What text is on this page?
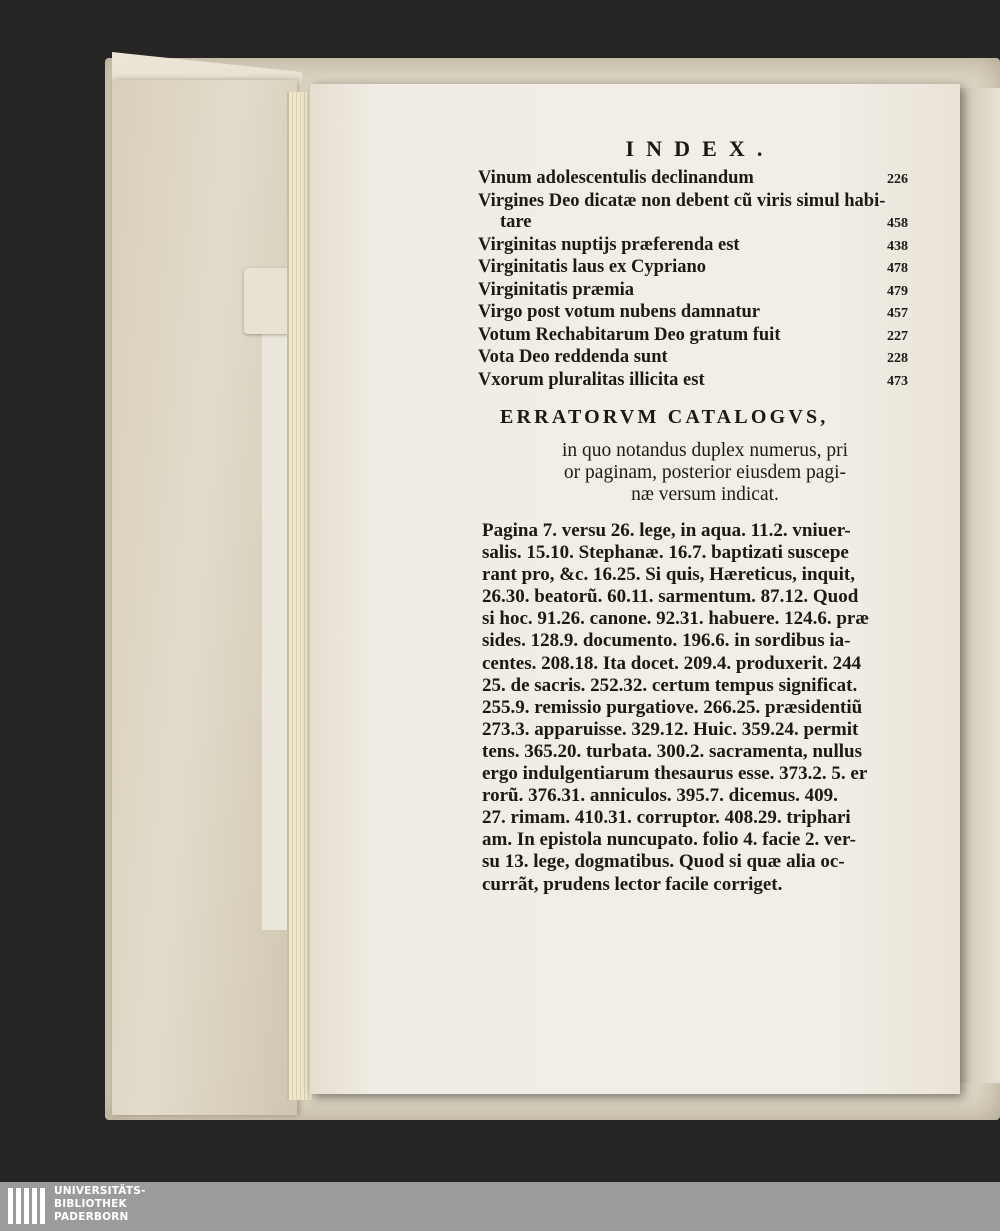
INDEX.
Vinum adolescentulis declinandum	226
Virgines Deo dicatæ non debent cũ viris simul habi-
tare	458
Virginitas nuptijs præferenda est	438
Virginitatis laus ex Cypriano	478
Virginitatis præmia	479
Virgo post votum nubens damnatur	457
Votum Rechabitarum Deo gratum fuit	227
Vota Deo reddenda sunt	228
Vxorum pluralitas illicita est	473
ERRATORVM CATALOGVS,

in quo notandus duplex numerus, pri
or paginam, posterior eiusdem pagi-
næ versum indicat.

Pagina 7. versu 26. lege, in aqua. 11.2. vniuer-
salis. 15.10. Stephanæ. 16.7. baptizati suscepe
rant pro, &c. 16.25. Si quis, Hæreticus, inquit,
26.30. beatorũ. 60.11. sarmentum. 87.12. Quod
si hoc. 91.26. canone. 92.31. habuere. 124.6. præ
sides. 128.9. documento. 196.6. in sordibus ia-
centes. 208.18. Ita docet. 209.4. produxerit. 244
25. de sacris. 252.32. certum tempus significat.
255.9. remissio purgatiove. 266.25. præsidentiũ
273.3. apparuisse. 329.12. Huic. 359.24. permit
tens. 365.20. turbata. 300.2. sacramenta, nullus
ergo indulgentiarum thesaurus esse. 373.2. 5. er
rorũ. 376.31. anniculos. 395.7. dicemus. 409.
27. rimam. 410.31. corruptor. 408.29. triphari
am. In epistola nuncupato. folio 4. facie 2. ver-
su 13. lege, dogmatibus. Quod si quæ alia oc-
currãt, prudens lector facile corriget.

UNIVERSITÄTS-
BIBLIOTHEK
PADERBORN
